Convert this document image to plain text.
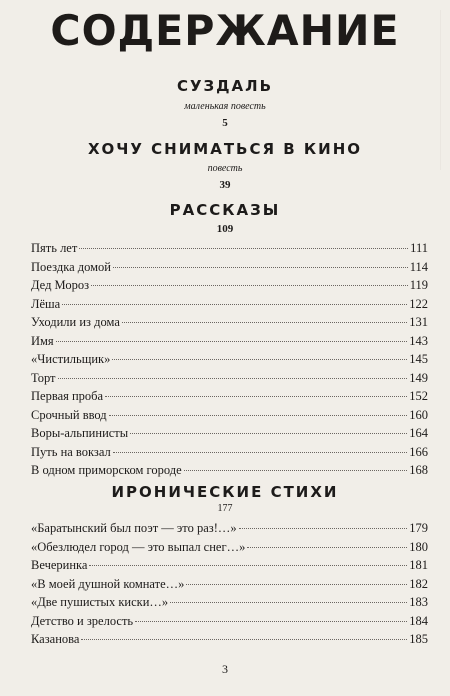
СОДЕРЖАНИЕ
СУЗДАЛЬ
маленькая повесть
5
ХОЧУ СНИМАТЬСЯ В КИНО
повесть
39
РАССКАЗЫ
109
Пять лет	111
Поездка домой	114
Дед Мороз	119
Лёша	122
Уходили из дома	131
Имя	143
«Чистильщик»	145
Торт	149
Первая проба	152
Срочный ввод	160
Воры-альпинисты	164
Путь на вокзал	166
В одном приморском городе	168
ИРОНИЧЕСКИЕ СТИХИ
177
«Баратынский был поэт — это раз!…»	179
«Обезлюдел город — это выпал снег…»	180
Вечеринка	181
«В моей душной комнате…»	182
«Две пушистых киски…»	183
Детство и зрелость	184
Казанова	185
3
